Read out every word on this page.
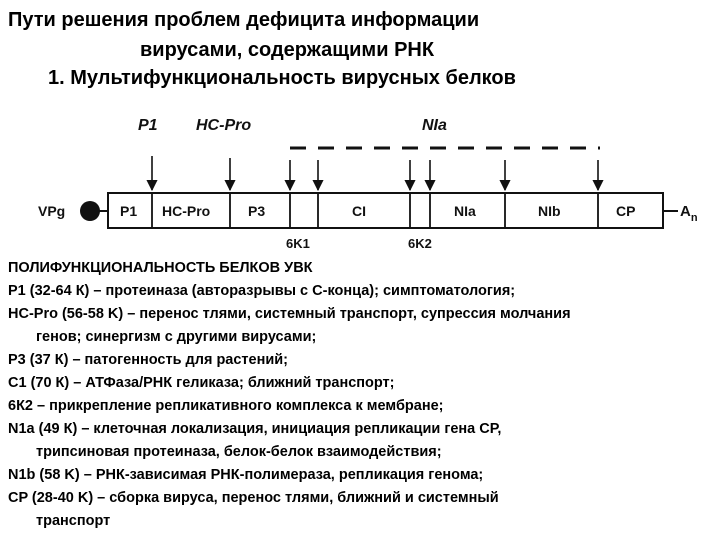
Пути решения проблем дефицита информации
вирусами, содержащими РНК
1. Мультифункциональность вирусных белков
P1 HC-Pro	NIa
VPg	P1 HC-Pro	P3	CI	NIa	NIb	CP	$A_n$
6K1	6K2
ПОЛИФУНКЦИОНАЛЬНОСТЬ БЕЛКОВ УВК
P1 (32-64 К) – протеиназа (авторазрывы с С-конца); симптоматология;
HC-Pro (56-58 K) – перенос тлями, системный транспорт, супрессия молчания
генов; синергизм с другими вирусами;
P3 (37 К) – патогенность для растений;
C1 (70 К) – АТФаза/РНК геликаза; ближний транспорт;
6К2 – прикрепление репликативного комплекса к мембране;
N1a (49 К) – клеточная локализация, инициация репликации гена СР,
трипсиновая протеиназа, белок-белок взаимодействия;
N1b (58 K) – РНК-зависимая РНК-полимераза, репликация генома;
CP (28-40 K) – сборка вируса, перенос тлями, ближний и системный
транспорт
